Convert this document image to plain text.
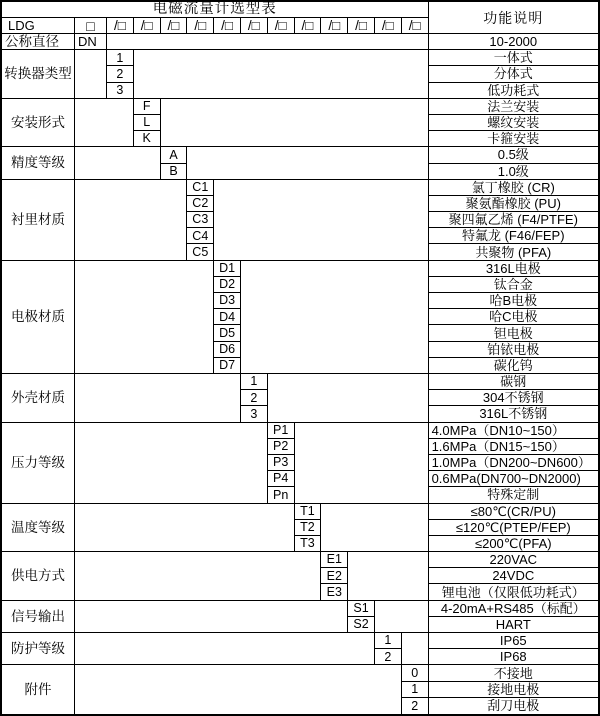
电磁流量计选型表
功能说明
LDG	□
公称直径	DN	10-2000
/□	/□	/□	/□	/□	/□	/□	/□	/□	/□	/□	/□
转换器类型
1	一体式
2	分体式
3	低功耗式
安装形式
F	法兰安装
L	螺纹安装
K	卡箍安装
精度等级
A	0.5级
B	1.0级
衬里材质
C1	氯丁橡胶 (CR)
C2	聚氨酯橡胶 (PU)
C3	聚四氟乙烯 (F4/PTFE)
C4	特氟龙 (F46/FEP)
C5	共聚物 (PFA)
电极材质
D1	316L电极
D2	钛合金
D3	哈B电极
D4	哈C电极
D5	钽电极
D6	铂铱电极
D7	碳化钨
外壳材质
1	碳钢
2	304不锈钢
3	316L不锈钢
压力等级
P1	4.0MPa（DN10~150）
P2	1.6MPa（DN15~150）
P3	1.0MPa（DN200~DN600）
P4	0.6MPa(DN700~DN2000)
Pn	特殊定制
温度等级
T1	≤80℃(CR/PU)
T2	≤120℃(PTEP/FEP)
T3	≤200℃(PFA)
供电方式
E1	220VAC
E2	24VDC
E3	锂电池（仅限低功耗式）
信号输出
S1	4-20mA+RS485（标配）
S2	HART
防护等级
1	IP65
2	IP68
附件
0	不接地
1	接地电极
2	刮刀电极
